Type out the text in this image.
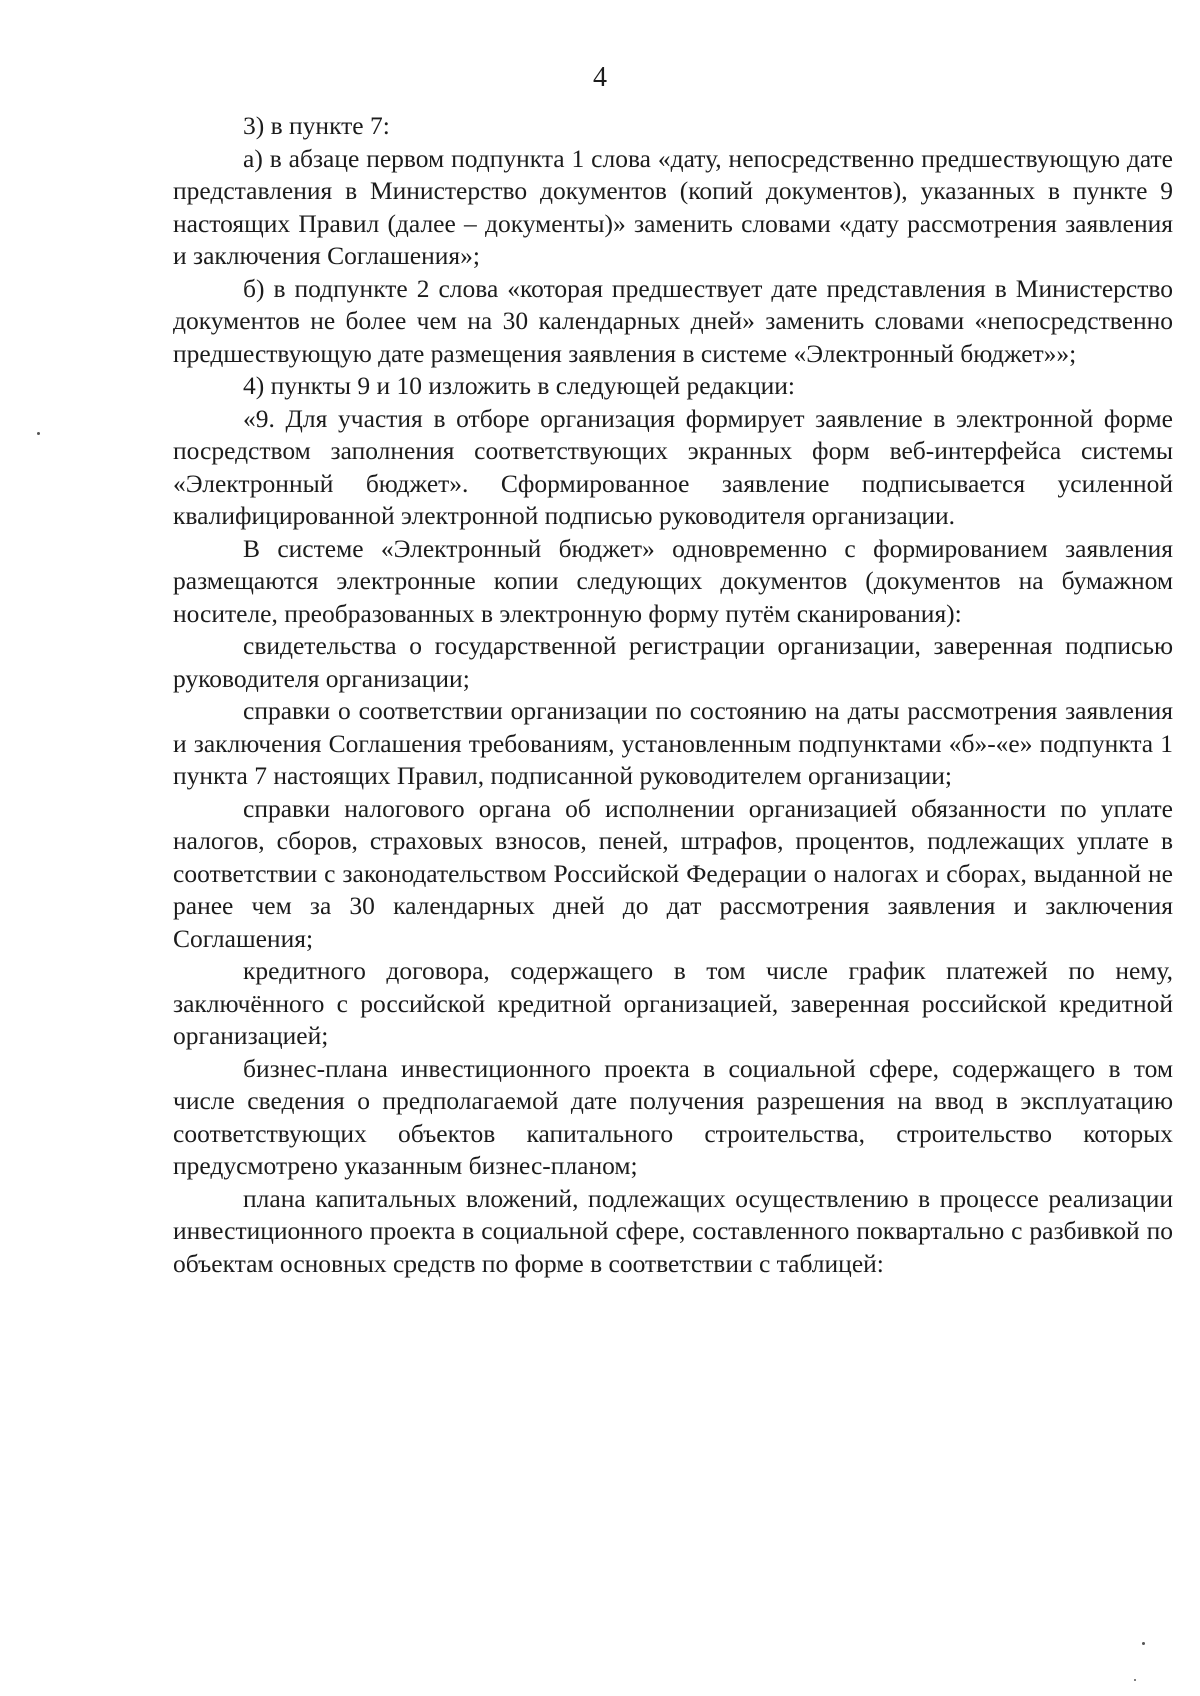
4

3) в пункте 7:

а) в абзаце первом подпункта 1 слова «дату, непосредственно предшествующую дате представления в Министерство документов (копий документов), указанных в пункте 9 настоящих Правил (далее – документы)» заменить словами «дату рассмотрения заявления и заключения Соглашения»;

б) в подпункте 2 слова «которая предшествует дате представления в Министерство документов не более чем на 30 календарных дней» заменить словами «непосредственно предшествующую дате размещения заявления в системе «Электронный бюджет»»;

4) пункты 9 и 10 изложить в следующей редакции:

«9. Для участия в отборе организация формирует заявление в электронной форме посредством заполнения соответствующих экранных форм веб-интерфейса системы «Электронный бюджет». Сформированное заявление подписывается усиленной квалифицированной электронной подписью руководителя организации.

В системе «Электронный бюджет» одновременно с формированием заявления размещаются электронные копии следующих документов (документов на бумажном носителе, преобразованных в электронную форму путём сканирования):

свидетельства о государственной регистрации организации, заверенная подписью руководителя организации;

справки о соответствии организации по состоянию на даты рассмотрения заявления и заключения Соглашения требованиям, установленным подпунктами «б»-«е» подпункта 1 пункта 7 настоящих Правил, подписанной руководителем организации;

справки налогового органа об исполнении организацией обязанности по уплате налогов, сборов, страховых взносов, пеней, штрафов, процентов, подлежащих уплате в соответствии с законодательством Российской Федерации о налогах и сборах, выданной не ранее чем за 30 календарных дней до дат рассмотрения заявления и заключения Соглашения;

кредитного договора, содержащего в том числе график платежей по нему, заключённого с российской кредитной организацией, заверенная российской кредитной организацией;

бизнес-плана инвестиционного проекта в социальной сфере, содержащего в том числе сведения о предполагаемой дате получения разрешения на ввод в эксплуатацию соответствующих объектов капитального строительства, строительство которых предусмотрено указанным бизнес-планом;

плана капитальных вложений, подлежащих осуществлению в процессе реализации инвестиционного проекта в социальной сфере, составленного поквартально с разбивкой по объектам основных средств по форме в соответствии с таблицей:
